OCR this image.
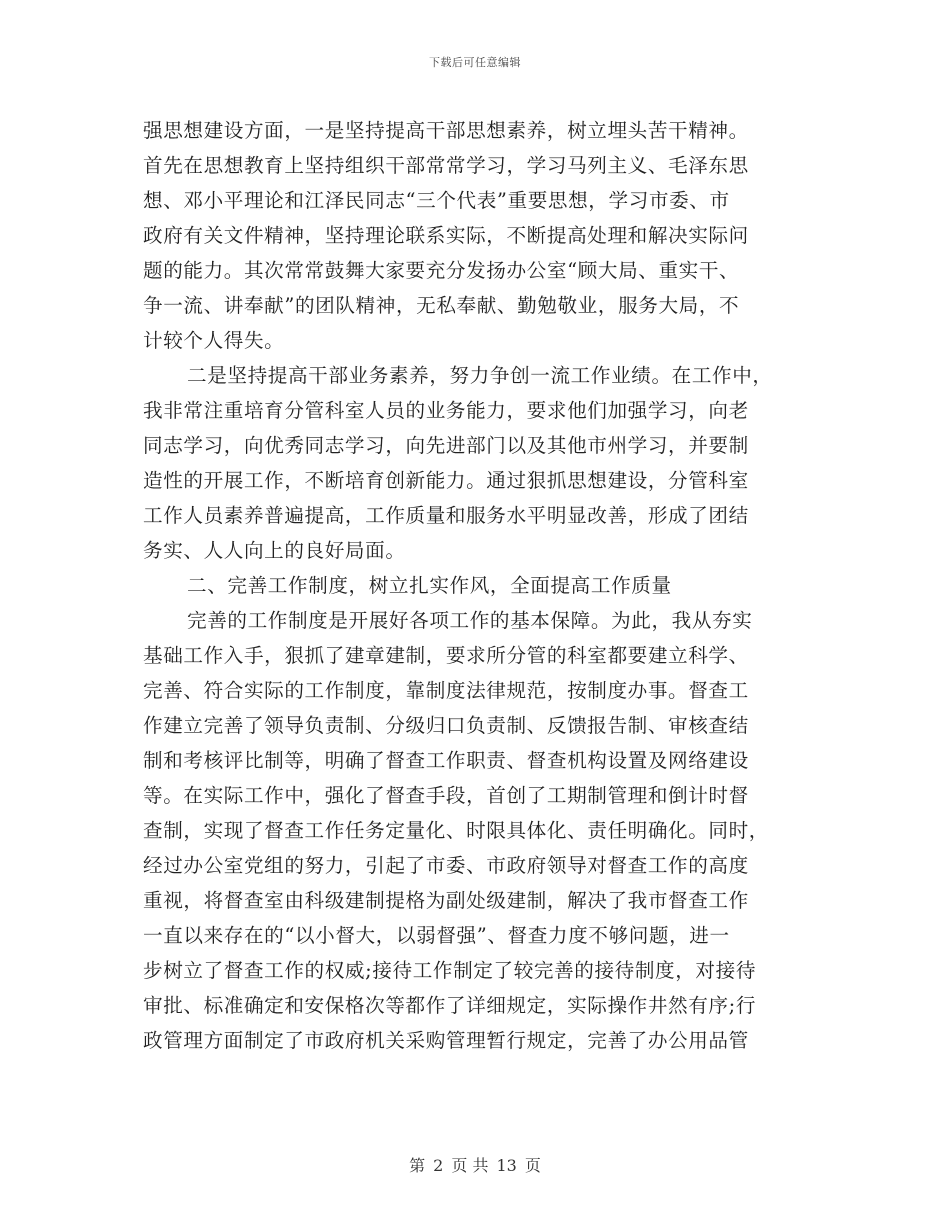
下载后可任意编辑
强思想建设方面，一是坚持提高干部思想素养，树立埋头苦干精神。
首先在思想教育上坚持组织干部常常学习，学习马列主义、毛泽东思
想、邓小平理论和江泽民同志“三个代表”重要思想，学习市委、市
政府有关文件精神，坚持理论联系实际，不断提高处理和解决实际问
题的能力。其次常常鼓舞大家要充分发扬办公室“顾大局、重实干、
争一流、讲奉献”的团队精神，无私奉献、勤勉敬业，服务大局，不
计较个人得失。
二是坚持提高干部业务素养，努力争创一流工作业绩。在工作中，
我非常注重培育分管科室人员的业务能力，要求他们加强学习，向老
同志学习，向优秀同志学习，向先进部门以及其他市州学习，并要制
造性的开展工作，不断培育创新能力。通过狠抓思想建设，分管科室
工作人员素养普遍提高，工作质量和服务水平明显改善，形成了团结
务实、人人向上的良好局面。
二、完善工作制度，树立扎实作风，全面提高工作质量
完善的工作制度是开展好各项工作的基本保障。为此，我从夯实
基础工作入手，狠抓了建章建制，要求所分管的科室都要建立科学、
完善、符合实际的工作制度，靠制度法律规范，按制度办事。督查工
作建立完善了领导负责制、分级归口负责制、反馈报告制、审核查结
制和考核评比制等，明确了督查工作职责、督查机构设置及网络建设
等。在实际工作中，强化了督查手段，首创了工期制管理和倒计时督
查制，实现了督查工作任务定量化、时限具体化、责任明确化。同时，
经过办公室党组的努力，引起了市委、市政府领导对督查工作的高度
重视，将督查室由科级建制提格为副处级建制，解决了我市督查工作
一直以来存在的“以小督大，以弱督强”、督查力度不够问题，进一
步树立了督查工作的权威;接待工作制定了较完善的接待制度，对接待
审批、标准确定和安保格次等都作了详细规定，实际操作井然有序;行
政管理方面制定了市政府机关采购管理暂行规定，完善了办公用品管
第 2 页 共 13 页
